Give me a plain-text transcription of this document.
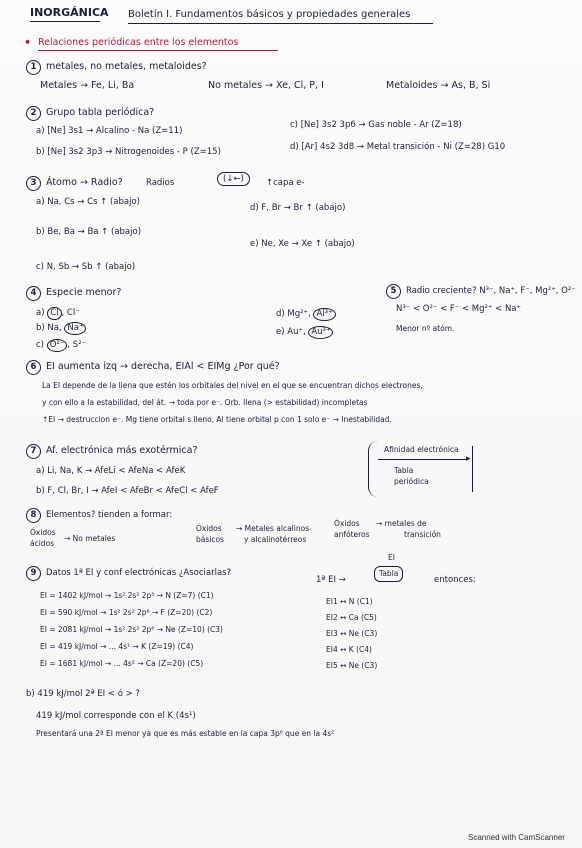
INORGÁNICA Boletín I. Fundamentos básicos y propiedades generales
• Relaciones periódicas entre los elementos
1	metales, no metales, metaloides?
Metales → Fe, Li, Ba	No metales → Xe, Cl, P, I	Metaloides → As, B, Si
2	Grupo tabla periódica?
a) [Ne] 3s1 → Alcalino - Na (Z=11)
b) [Ne] 3s2 3p3 → Nitrogenoides - P (Z=15)
c) [Ne] 3s2 3p6 → Gas noble - Ar (Z=18)
d) [Ar] 4s2 3d8 → Metal transición - Ni (Z=28) G10
3	Átomo → Radio?	Radios	(↓←)	↑capa e-
a) Na, Cs → Cs ↑ (abajo)
b) Be, Ba → Ba ↑ (abajo)
c) N, Sb → Sb ↑ (abajo)
d) F, Br → Br ↑ (abajo)
e) Ne, Xe → Xe ↑ (abajo)
4	Especie menor?
a) Cl , Cl⁻
b) Na, Na⁺
c) O²⁻ , S²⁻
d) Mg²⁺, Al³⁺
e) Au⁺, Au³⁺
5	Radio creciente? N³⁻, Na⁺, F⁻, Mg²⁺, O²⁻
N³⁻ < O²⁻ < F⁻ < Mg²⁺ < Na⁺
Menor nº atóm.
6	EI aumenta izq → derecha, EIAl < EIMg ¿Por qué?
La EI depende de la llena que estén los orbitales del nivel en el que se encuentran dichos electrones,
y con ello a la estabilidad, del át. → toda por e⁻. Orb. llena (> estabilidad) incompletas
↑EI → destruccion e⁻. Mg tiene orbital s lleno, Al tiene orbital p con 1 solo e⁻ → Inestabilidad.
7	Af. electrónica más exotérmica?
a) Li, Na, K → AfeLi < AfeNa < AfeK
b) F, Cl, Br, I → AfeI < AfeBr < AfeCl < AfeF
Afinidad electrónica
▸
Tabla
periódica
8	Elementos? tienden a formar:
Óxidos
ácidos
→ No metales
Óxidos
básicos
→ Metales alcalinos
y alcalinotérreos
Óxidos
anfóteros
→ metales de
transición
9	Datos 1ª EI y conf electrónicas ¿Asociarlas?
1ª EI →
EI
Tabla
entonces:
EI = 1402 kJ/mol → 1s² 2s² 2p³ → N (Z=7) (C1)
EI = 590 kJ/mol → 1s² 2s² 2p⁶ → F (Z=20) (C2)
EI = 2081 kJ/mol → 1s² 2s² 2p⁶ → Ne (Z=10) (C3)
EI = 419 kJ/mol → ... 4s¹ → K (Z=19) (C4)
EI = 1681 kJ/mol → ... 4s² → Ca (Z=20) (C5)
EI1 ↔ N (C1)
EI2 ↔ Ca (C5)
EI3 ↔ Ne (C3)
EI4 ↔ K (C4)
EI5 ↔ Ne (C3)
b) 419 kJ/mol 2ª EI < ó > ?
419 kJ/mol corresponde con el K (4s¹)
Presentará una 2ª EI menor ya que es más estable en la capa 3p⁶ que en la 4s²
Scanned with CamScanner
